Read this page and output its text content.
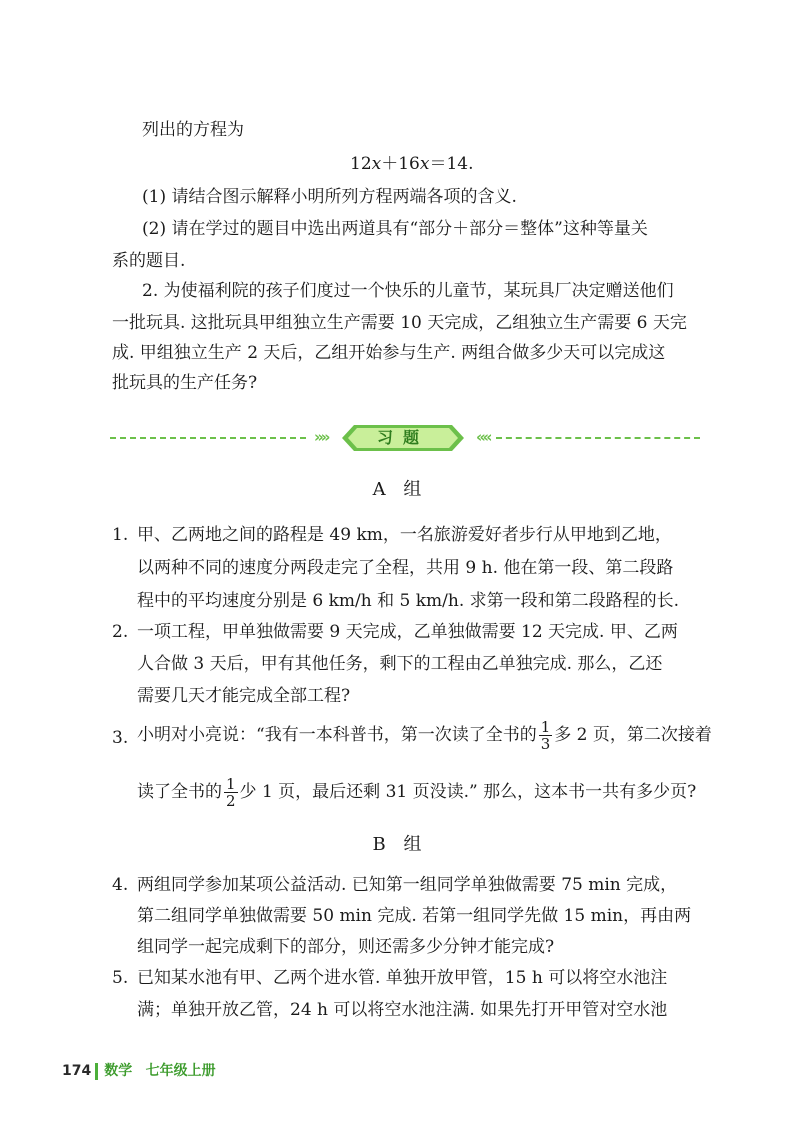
列出的方程为
12x＋16x＝14.
(1) 请结合图示解释小明所列方程两端各项的含义.
(2) 请在学过的题目中选出两道具有“部分＋部分＝整体”这种等量关
系的题目.
2. 为使福利院的孩子们度过一个快乐的儿童节，某玩具厂决定赠送他们
一批玩具. 这批玩具甲组独立生产需要 10 天完成，乙组独立生产需要 6 天完
成. 甲组独立生产 2 天后，乙组开始参与生产. 两组合做多少天可以完成这
批玩具的生产任务?
»»	习题	««
A 组
1. 甲、乙两地之间的路程是 49 km，一名旅游爱好者步行从甲地到乙地，
以两种不同的速度分两段走完了全程，共用 9 h. 他在第一段、第二段路
程中的平均速度分别是 6 km/h 和 5 km/h. 求第一段和第二段路程的长.
2. 一项工程，甲单独做需要 9 天完成，乙单独做需要 12 天完成. 甲、乙两
人合做 3 天后，甲有其他任务，剩下的工程由乙单独完成. 那么，乙还
需要几天才能完成全部工程?
3. 小明对小亮说：“我有一本科普书，第一次读了全书的 $\frac{1}{3}$ 多 2 页，第二次接着
读了全书的 $\frac{1}{2}$ 少 1 页，最后还剩 31 页没读.” 那么，这本书一共有多少页?
B 组
4. 两组同学参加某项公益活动. 已知第一组同学单独做需要 75 min 完成，
第二组同学单独做需要 50 min 完成. 若第一组同学先做 15 min，再由两
组同学一起完成剩下的部分，则还需多少分钟才能完成?
5. 已知某水池有甲、乙两个进水管. 单独开放甲管，15 h 可以将空水池注
满；单独开放乙管，24 h 可以将空水池注满. 如果先打开甲管对空水池
174 数学 七年级上册
